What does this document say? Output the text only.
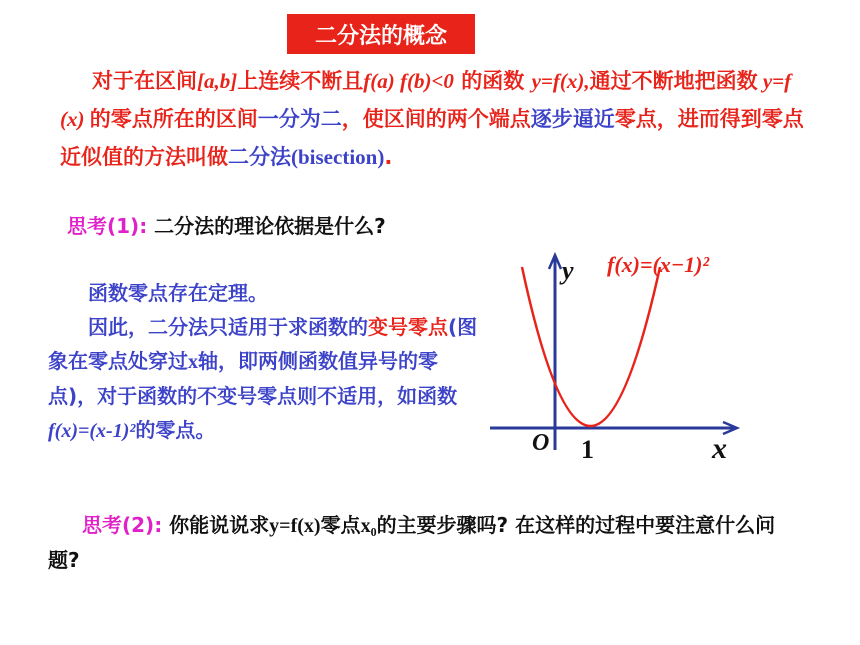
二分法的概念
对于在区间[a,b]上连续不断且f(a) f(b)<0 的函数 y=f(x),通过不断地把函数 y=f (x) 的零点所在的区间一分为二，使区间的两个端点逐步逼近零点，进而得到零点近似值的方法叫做二分法(bisection).
思考(1): 二分法的理论依据是什么?
函数零点存在定理。
因此，二分法只适用于求函数的变号零点(图象在零点处穿过x轴，即两侧函数值异号的零点)，对于函数的不变号零点则不适用，如函数f(x)=(x-1)²的零点。
y
x
O 1
f(x)=(x−1)²
思考(2): 你能说说求y=f(x)零点x₀的主要步骤吗? 在这样的过程中要注意什么问题?
